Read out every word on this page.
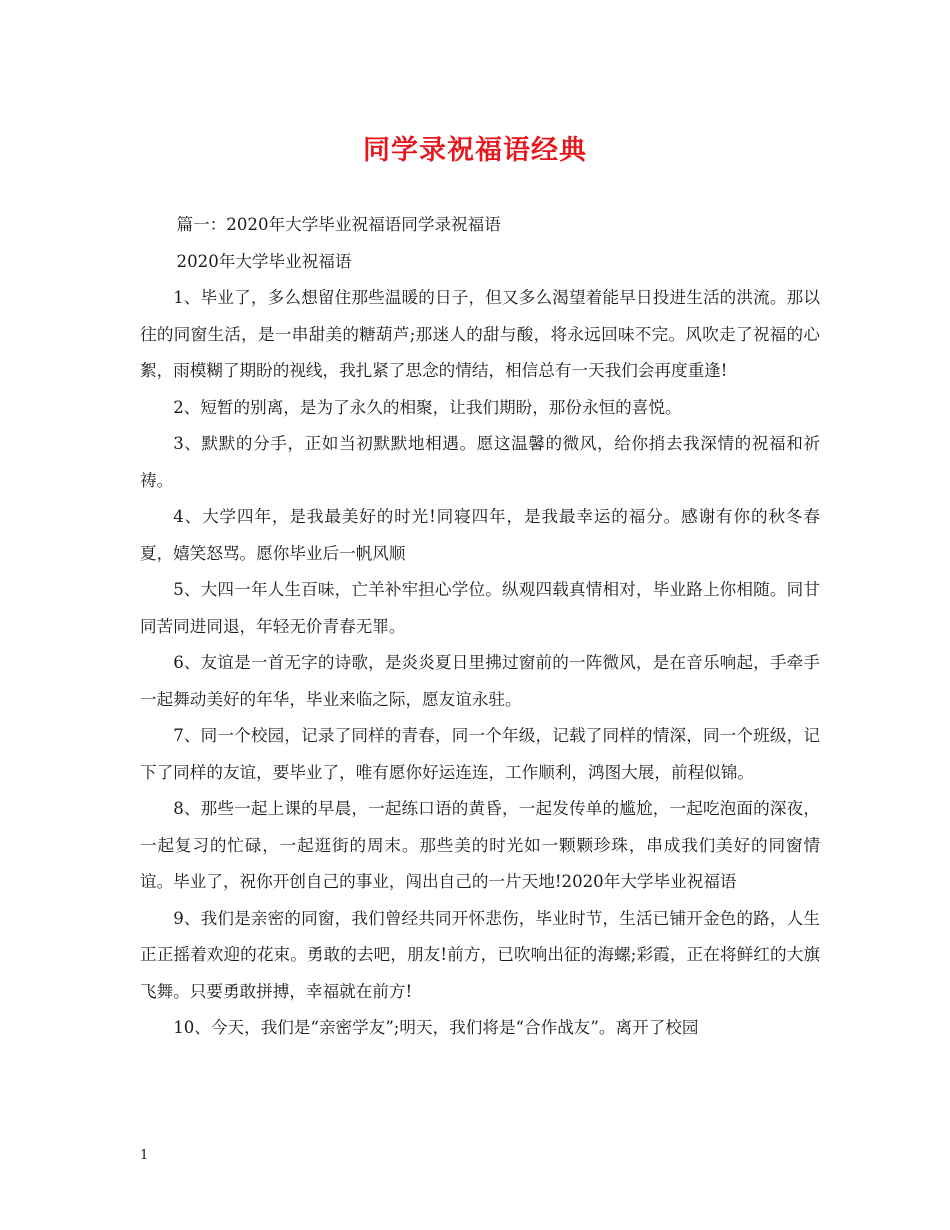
同学录祝福语经典

篇一：2020年大学毕业祝福语同学录祝福语

2020年大学毕业祝福语

1、毕业了，多么想留住那些温暖的日子，但又多么渴望着能早日投进生活的洪流。那以往的同窗生活，是一串甜美的糖葫芦;那迷人的甜与酸，将永远回味不完。风吹走了祝福的心絮，雨模糊了期盼的视线，我扎紧了思念的情结，相信总有一天我们会再度重逢!

2、短暂的别离，是为了永久的相聚，让我们期盼，那份永恒的喜悦。

3、默默的分手，正如当初默默地相遇。愿这温馨的微风，给你捎去我深情的祝福和祈祷。

4、大学四年，是我最美好的时光!同寝四年，是我最幸运的福分。感谢有你的秋冬春夏，嬉笑怒骂。愿你毕业后一帆风顺

5、大四一年人生百味，亡羊补牢担心学位。纵观四载真情相对，毕业路上你相随。同甘同苦同进同退，年轻无价青春无罪。

6、友谊是一首无字的诗歌，是炎炎夏日里拂过窗前的一阵微风，是在音乐响起，手牵手一起舞动美好的年华，毕业来临之际，愿友谊永驻。

7、同一个校园，记录了同样的青春，同一个年级，记载了同样的情深，同一个班级，记下了同样的友谊，要毕业了，唯有愿你好运连连，工作顺利，鸿图大展，前程似锦。

8、那些一起上课的早晨，一起练口语的黄昏，一起发传单的尴尬，一起吃泡面的深夜，一起复习的忙碌，一起逛街的周末。那些美的时光如一颗颗珍珠，串成我们美好的同窗情谊。毕业了，祝你开创自己的事业，闯出自己的一片天地!2020年大学毕业祝福语

9、我们是亲密的同窗，我们曾经共同开怀悲伤，毕业时节，生活已铺开金色的路，人生正正摇着欢迎的花束。勇敢的去吧，朋友!前方，已吹响出征的海螺;彩霞，正在将鲜红的大旗飞舞。只要勇敢拼搏，幸福就在前方!

10、今天，我们是“亲密学友”;明天，我们将是“合作战友”。离开了校园

1
